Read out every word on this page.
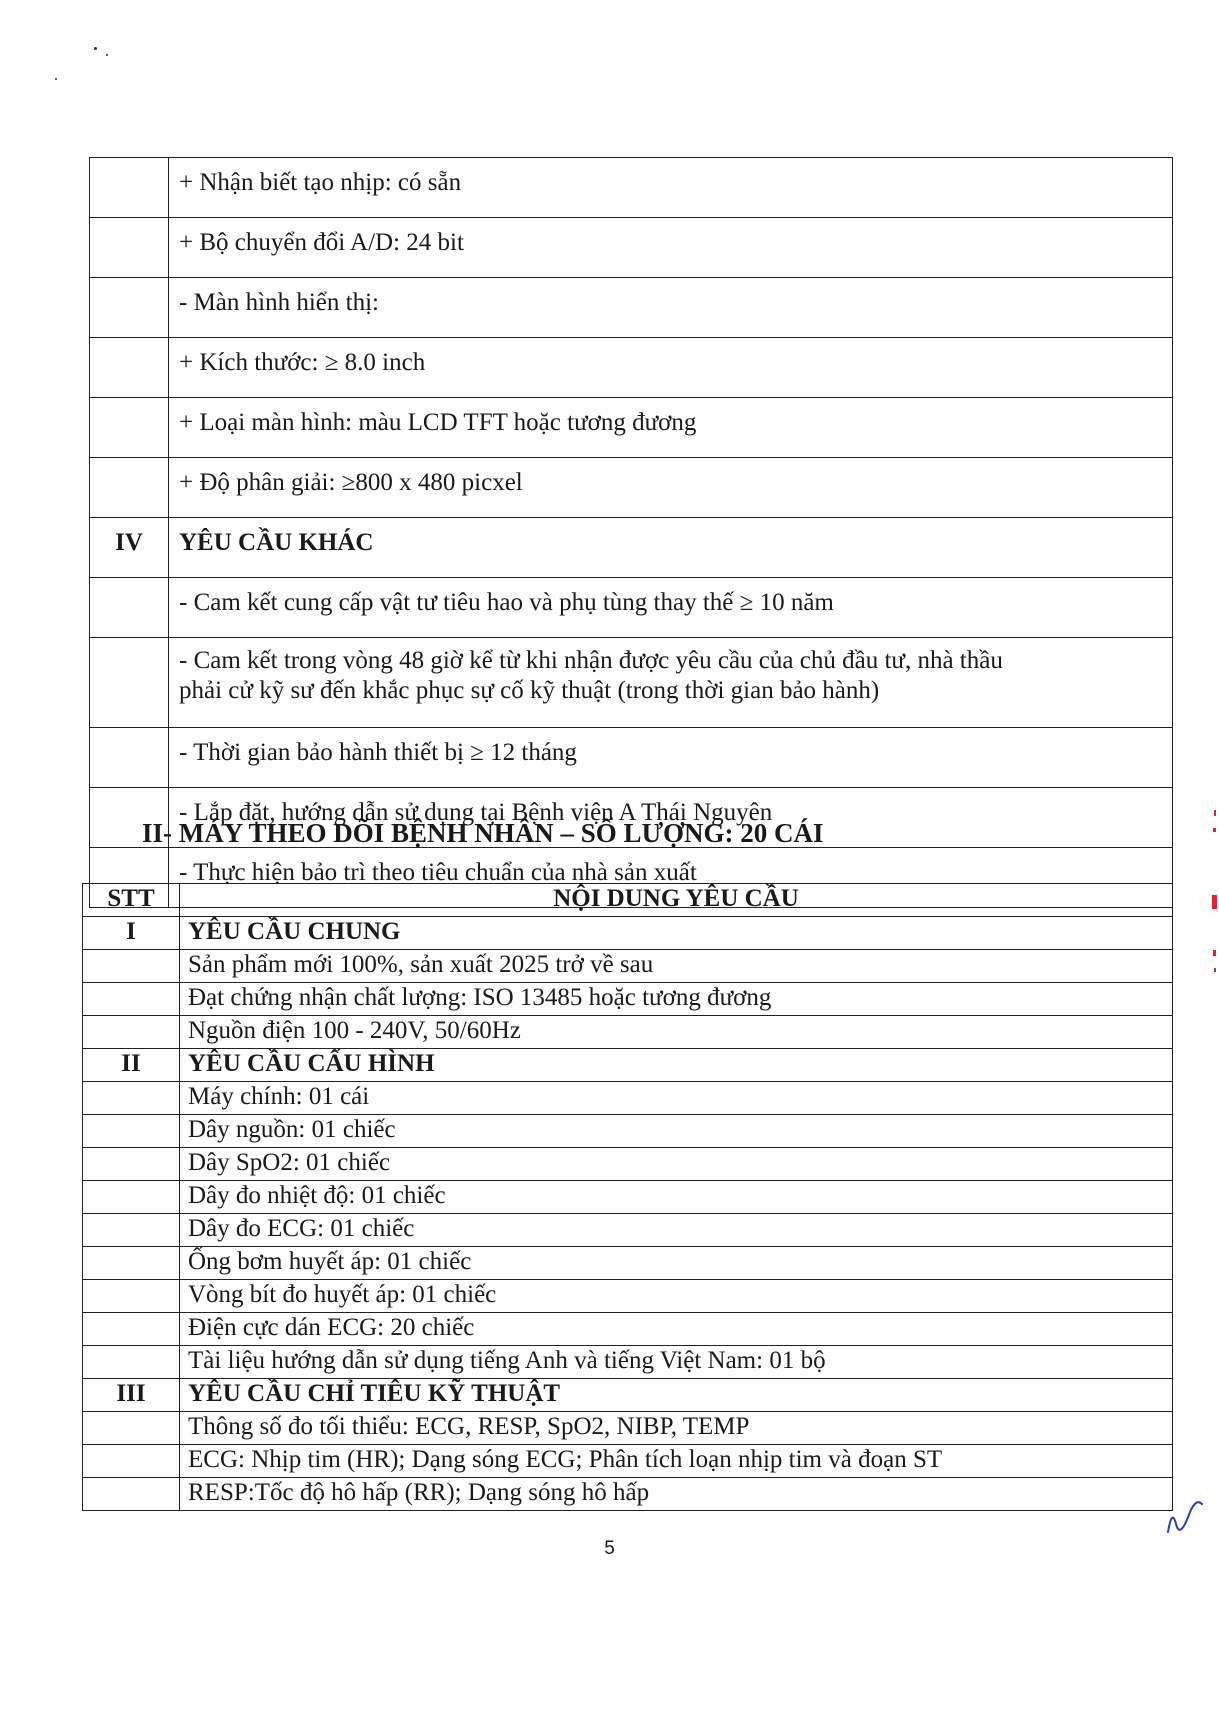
	+ Nhận biết tạo nhịp: có sẵn
	+ Bộ chuyển đổi A/D: 24 bit
	- Màn hình hiển thị:
	+ Kích thước: ≥ 8.0 inch
	+ Loại màn hình: màu LCD TFT hoặc tương đương
	+ Độ phân giải: ≥800 x 480 picxel
IV	YÊU CẦU KHÁC
	- Cam kết cung cấp vật tư tiêu hao và phụ tùng thay thế ≥ 10 năm

	- Cam kết trong vòng 48 giờ kể từ khi nhận được yêu cầu của chủ đầu tư, nhà thầu
phải cử kỹ sư đến khắc phục sự cố kỹ thuật (trong thời gian bảo hành)

	- Thời gian bảo hành thiết bị ≥ 12 tháng
	- Lắp đặt, hướng dẫn sử dụng tại Bệnh viện A Thái Nguyên
	- Thực hiện bảo trì theo tiêu chuẩn của nhà sản xuất
II- MÁY THEO DÕI BỆNH NHÂN – SỐ LƯỢNG: 20 CÁI
STT	NỘI DUNG YÊU CẦU
I	YÊU CẦU CHUNG
	Sản phẩm mới 100%, sản xuất 2025 trở về sau
	Đạt chứng nhận chất lượng: ISO 13485 hoặc tương đương
	Nguồn điện 100 - 240V, 50/60Hz
II	YÊU CẦU CẤU HÌNH
	Máy chính: 01 cái
	Dây nguồn: 01 chiếc
	Dây SpO2: 01 chiếc
	Dây đo nhiệt độ: 01 chiếc
	Dây đo ECG: 01 chiếc
	Ống bơm huyết áp: 01 chiếc
	Vòng bít đo huyết áp: 01 chiếc
	Điện cực dán ECG: 20 chiếc
	Tài liệu hướng dẫn sử dụng tiếng Anh và tiếng Việt Nam: 01 bộ
III	YÊU CẦU CHỈ TIÊU KỸ THUẬT
	Thông số đo tối thiểu: ECG, RESP, SpO2, NIBP, TEMP
	ECG: Nhịp tim (HR); Dạng sóng ECG; Phân tích loạn nhịp tim và đoạn ST
	RESP:Tốc độ hô hấp (RR); Dạng sóng hô hấp
5
